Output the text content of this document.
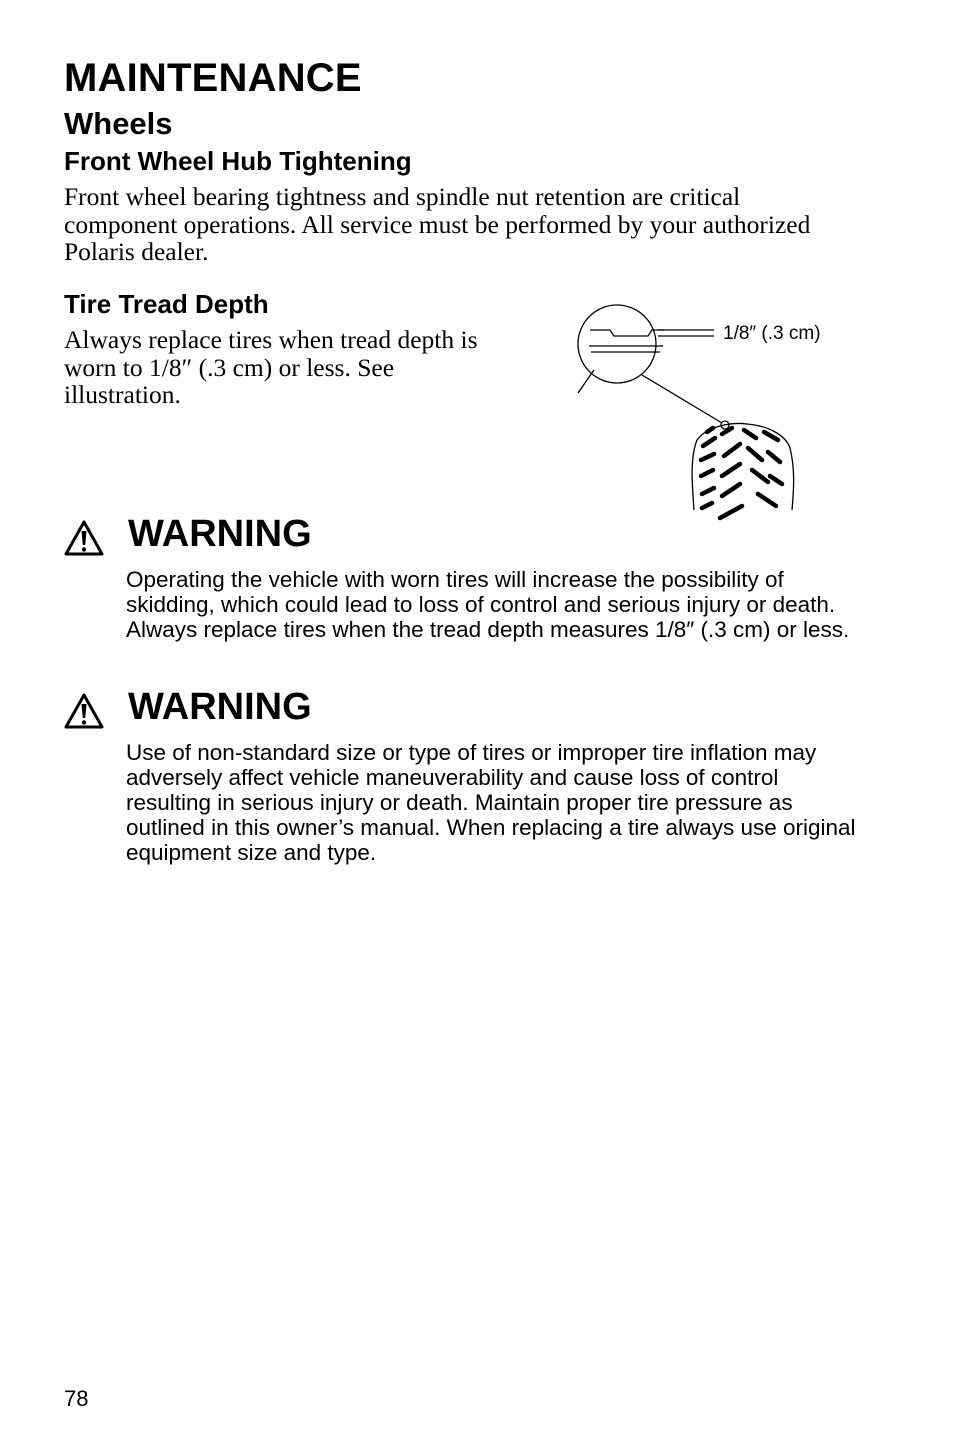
MAINTENANCE
Wheels
Front Wheel Hub Tightening
Front wheel bearing tightness and spindle nut retention are critical component operations. All service must be performed by your authorized Polaris dealer.
Tire Tread Depth
Always replace tires when tread depth is worn to 1/8″ (.3 cm) or less. See illustration.
1/8″ (.3 cm)
WARNING
Operating the vehicle with worn tires will increase the possibility of skidding, which could lead to loss of control and serious injury or death. Always replace tires when the tread depth measures 1/8″ (.3 cm) or less.
WARNING
Use of non-standard size or type of tires or improper tire inflation may adversely affect vehicle maneuverability and cause loss of control resulting in serious injury or death. Maintain proper tire pressure as outlined in this owner’s manual. When replacing a tire always use original equipment size and type.
78
